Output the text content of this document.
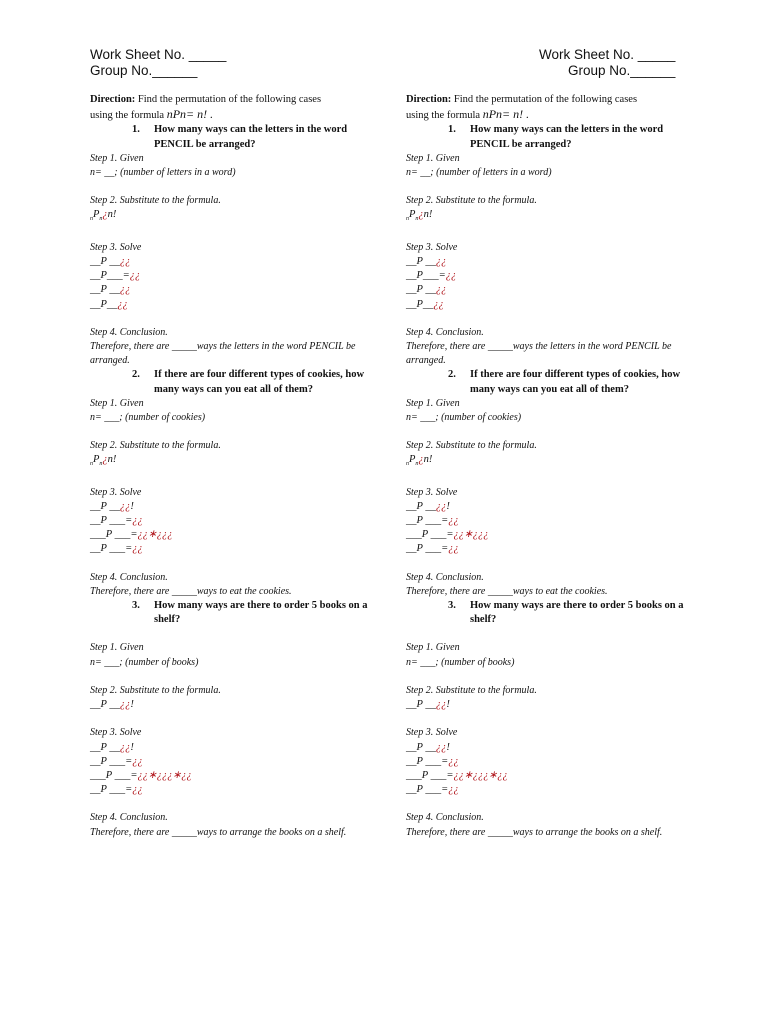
Work Sheet No. _____
Group No.______
Work Sheet No. _____
Group No.______
Direction: Find the permutation of the following cases
using the formula nPn= n! .
1.	How many ways can the letters in the word PENCIL be arranged?
Step 1. Given
n= __; (number of letters in a word)
Step 2. Substitute to the formula.
$_nP_n¿n$!
Step 3. Solve
__P __¿¿
__P___=¿¿
__P __¿¿
__P__¿¿
Step 4. Conclusion.
Therefore, there are _____ways the letters in the word PENCIL be arranged.
2.	If there are four different types of cookies, how many ways can you eat all of them?
Step 1. Given
n= ___; (number of cookies)
Step 2. Substitute to the formula.
$_nP_n¿n$!
Step 3. Solve
__P __¿¿!
__P ___=¿¿
___P ___=¿¿∗¿¿¿
__P ___=¿¿
Step 4. Conclusion.
Therefore, there are _____ways to eat the cookies.
3.	How many ways are there to order 5 books on a shelf?
Step 1. Given
n= ___; (number of books)
Step 2. Substitute to the formula.
__P __¿¿!
Step 3. Solve
__P __¿¿!
__P ___=¿¿
___P ___=¿¿∗¿¿¿∗¿¿
__P ___=¿¿
Step 4. Conclusion.
Therefore, there are _____ways to arrange the books on a shelf.
Direction: Find the permutation of the following cases
using the formula nPn= n! .
1.	How many ways can the letters in the word PENCIL be arranged?
Step 1. Given
n= __; (number of letters in a word)
Step 2. Substitute to the formula.
$_nP_n¿n$!
Step 3. Solve
__P __¿¿
__P___=¿¿
__P __¿¿
__P__¿¿
Step 4. Conclusion.
Therefore, there are _____ways the letters in the word PENCIL be arranged.
2.	If there are four different types of cookies, how many ways can you eat all of them?
Step 1. Given
n= ___; (number of cookies)
Step 2. Substitute to the formula.
$_nP_n¿n$!
Step 3. Solve
__P __¿¿!
__P ___=¿¿
___P ___=¿¿∗¿¿¿
__P ___=¿¿
Step 4. Conclusion.
Therefore, there are _____ways to eat the cookies.
3.	How many ways are there to order 5 books on a shelf?
Step 1. Given
n= ___; (number of books)
Step 2. Substitute to the formula.
__P __¿¿!
Step 3. Solve
__P __¿¿!
__P ___=¿¿
___P ___=¿¿∗¿¿¿∗¿¿
__P ___=¿¿
Step 4. Conclusion.
Therefore, there are _____ways to arrange the books on a shelf.
